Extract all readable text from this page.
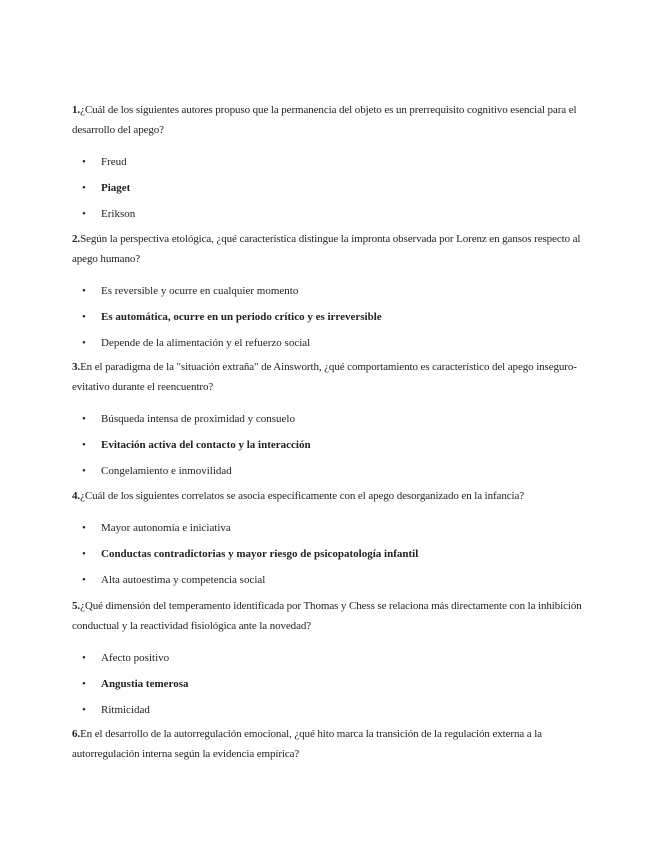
1.¿Cuál de los siguientes autores propuso que la permanencia del objeto es un prerrequisito cognitivo esencial para el desarrollo del apego?

• Freud
• Piaget
• Erikson

2.Según la perspectiva etológica, ¿qué característica distingue la impronta observada por Lorenz en gansos respecto al apego humano?

• Es reversible y ocurre en cualquier momento
• Es automática, ocurre en un periodo crítico y es irreversible
• Depende de la alimentación y el refuerzo social

3.En el paradigma de la "situación extraña" de Ainsworth, ¿qué comportamiento es característico del apego inseguro-evitativo durante el reencuentro?

• Búsqueda intensa de proximidad y consuelo
• Evitación activa del contacto y la interacción
• Congelamiento e inmovilidad

4.¿Cuál de los siguientes correlatos se asocia específicamente con el apego desorganizado en la infancia?

• Mayor autonomía e iniciativa
• Conductas contradictorias y mayor riesgo de psicopatología infantil
• Alta autoestima y competencia social

5.¿Qué dimensión del temperamento identificada por Thomas y Chess se relaciona más directamente con la inhibición conductual y la reactividad fisiológica ante la novedad?

• Afecto positivo
• Angustia temerosa
• Ritmicidad

6.En el desarrollo de la autorregulación emocional, ¿qué hito marca la transición de la regulación externa a la autorregulación interna según la evidencia empírica?
